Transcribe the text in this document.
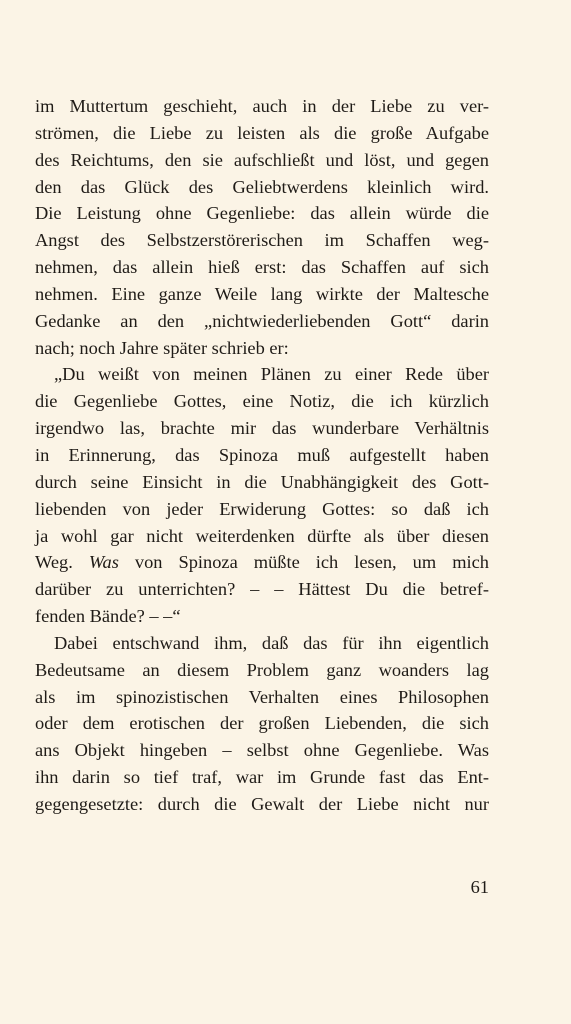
im Muttertum geschieht, auch in der Liebe zu ver-
strömen, die Liebe zu leisten als die große Aufgabe
des Reichtums, den sie aufschließt und löst, und gegen
den das Glück des Geliebtwerdens kleinlich wird.
Die Leistung ohne Gegenliebe: das allein würde die
Angst des Selbstzerstörerischen im Schaffen weg-
nehmen, das allein hieß erst: das Schaffen auf sich
nehmen. Eine ganze Weile lang wirkte der Maltesche
Gedanke an den „nichtwiederliebenden Gott“ darin
nach; noch Jahre später schrieb er:
„Du weißt von meinen Plänen zu einer Rede über
die Gegenliebe Gottes, eine Notiz, die ich kürzlich
irgendwo las, brachte mir das wunderbare Verhältnis
in Erinnerung, das Spinoza muß aufgestellt haben
durch seine Einsicht in die Unabhängigkeit des Gott-
liebenden von jeder Erwiderung Gottes: so daß ich
ja wohl gar nicht weiterdenken dürfte als über diesen
Weg. Was von Spinoza müßte ich lesen, um mich
darüber zu unterrichten? – – Hättest Du die betref-
fenden Bände? – –“
Dabei entschwand ihm, daß das für ihn eigentlich
Bedeutsame an diesem Problem ganz woanders lag
als im spinozistischen Verhalten eines Philosophen
oder dem erotischen der großen Liebenden, die sich
ans Objekt hingeben – selbst ohne Gegenliebe. Was
ihn darin so tief traf, war im Grunde fast das Ent-
gegengesetzte: durch die Gewalt der Liebe nicht nur
61
